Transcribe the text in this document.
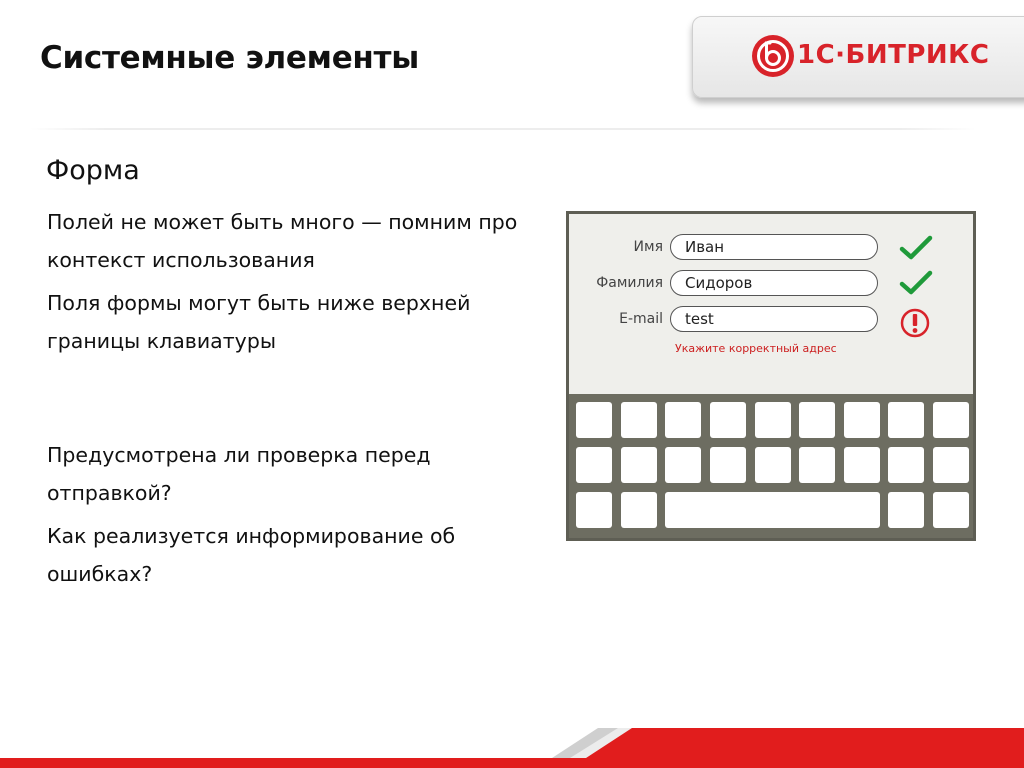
Системные элементы	1С·БИТРИКС
Форма
Полей не может быть много — помним про контекст использования
Поля формы могут быть ниже верхней границы клавиатуры
Предусмотрена ли проверка перед отправкой?
Как реализуется информирование об ошибках?
Имя
Иван
Фамилия
Сидоров
E-mail
test
Укажите корректный адрес
